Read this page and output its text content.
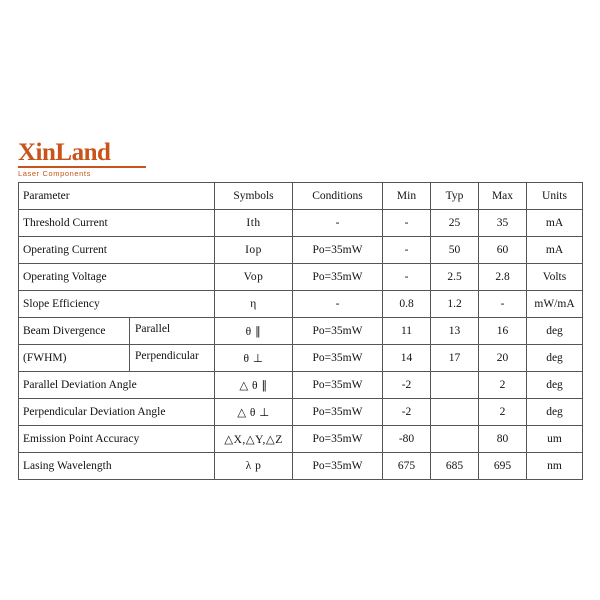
XinLand
Laser Components
Parameter	Symbols	Conditions	Min	Typ	Max	Units
Threshold Current	Ith	-	-	25	35	mA
Operating Current	Iop	Po=35mW	-	50	60	mA
Operating Voltage	Vop	Po=35mW	-	2.5	2.8	Volts
Slope Efficiency	η	-	0.8	1.2	-	mW/mA

Beam Divergence Parallel	θ ∥	Po=35mW	11	13	16	deg

(FWHM) Perpendicular	θ ⊥	Po=35mW	14	17	20	deg
Parallel Deviation Angle	△ θ ∥	Po=35mW	-2		2	deg
Perpendicular Deviation Angle	△ θ ⊥	Po=35mW	-2		2	deg
Emission Point Accuracy	△X,△Y,△Z	Po=35mW	-80		80	um
Lasing Wavelength	λ p	Po=35mW	675	685	695	nm
